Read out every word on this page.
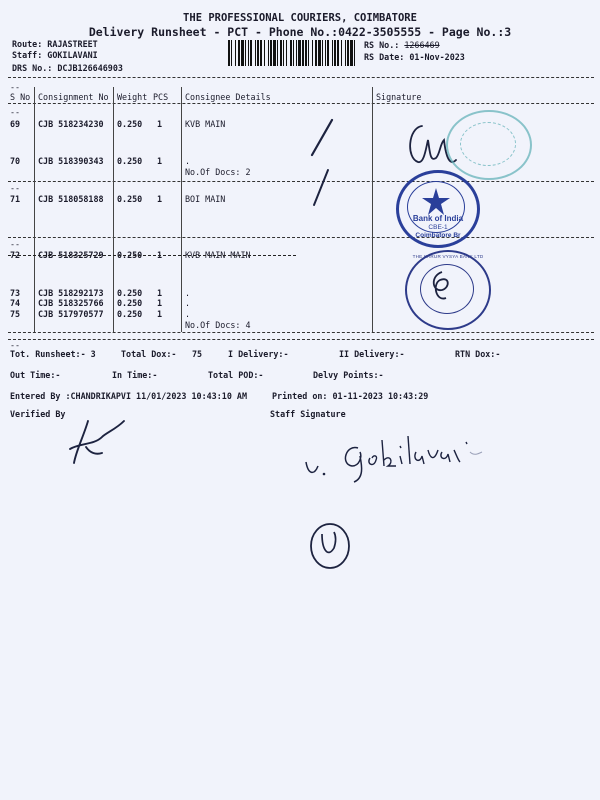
THE PROFESSIONAL COURIERS, COIMBATORE
Delivery Runsheet - PCT - Phone No.:0422-3505555 - Page No.:3
Route: RAJASTREET
Staff: GOKILAVANI
DRS No.: DCJB126646903
RS No.: 1266469
RS Date: 01-Nov-2023
--
--
--
--
--
S No Consignment No Weight PCS Consignee Details	Signature
69 CJB 518234230 0.250 1	KVB MAIN
70 CJB 518390343 0.250 1	.
No.Of Docs: 2
71 CJB 518058188 0.250 1	BOI MAIN
72 CJB 518325729 0.250 1	KVB MAIN MAIN
73 CJB 518292173 0.250 1	.
74 CJB 518325766 0.250 1	.
75 CJB 517970577 0.250 1	.
No.Of Docs: 4
Tot. Runsheet:- 3	Total Dox:- 75	I Delivery:-	II Delivery:-	RTN Dox:-
Out Time:-	In Time:-	Total POD:-	Delvy Points:-
Entered By :CHANDRIKAPVI 11/01/2023 10:43:10 AM	Printed on: 01-11-2023 10:43:29
Verified By	Staff Signature
Bank of India
CBE-1
Coimbatore Br
THE KARUR VYSYA BANK LTD
